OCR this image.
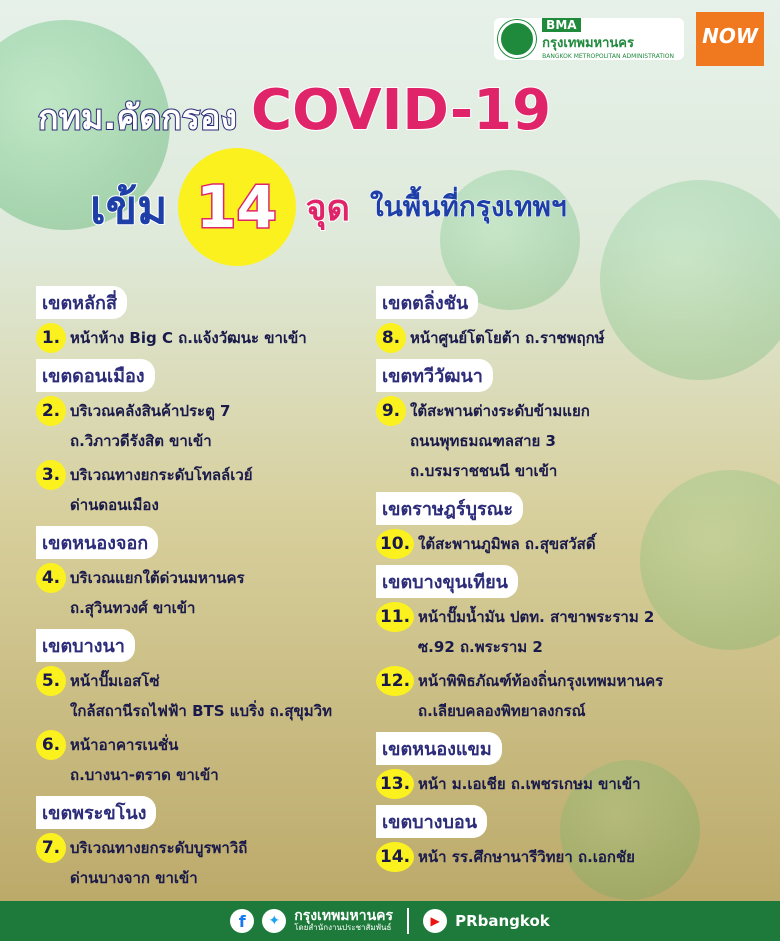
BMA
กรุงเทพมหานคร
BANGKOK METROPOLITAN ADMINISTRATION
NOW

กทม.คัดกรอง COVID-19
เข้ม 14 จุด ในพื้นที่กรุงเทพฯ
เขตหลักสี่
1. หน้าห้าง Big C ถ.แจ้งวัฒนะ ขาเข้า
เขตดอนเมือง
2. บริเวณคลังสินค้าประตู 7
ถ.วิภาวดีรังสิต ขาเข้า
3. บริเวณทางยกระดับโทลล์เวย์
ด่านดอนเมือง
เขตหนองจอก
4. บริเวณแยกใต้ด่วนมหานคร
ถ.สุวินทวงศ์ ขาเข้า
เขตบางนา
5. หน้าปั๊มเอสโซ่
ใกล้สถานีรถไฟฟ้า BTS แบริ่ง ถ.สุขุมวิท
6. หน้าอาคารเนชั่น
ถ.บางนา-ตราด ขาเข้า
เขตพระขโนง
7. บริเวณทางยกระดับบูรพาวิถี
ด่านบางจาก ขาเข้า
เขตตลิ่งชัน
8. หน้าศูนย์โตโยต้า ถ.ราชพฤกษ์
เขตทวีวัฒนา
9. ใต้สะพานต่างระดับข้ามแยก
ถนนพุทธมณฑลสาย 3
ถ.บรมราชชนนี ขาเข้า
เขตราษฎร์บูรณะ
10. ใต้สะพานภูมิพล ถ.สุขสวัสดิ์
เขตบางขุนเทียน
11. หน้าปั๊มน้ำมัน ปตท. สาขาพระราม 2
ซ.92 ถ.พระราม 2
12. หน้าพิพิธภัณฑ์ท้องถิ่นกรุงเทพมหานคร
ถ.เลียบคลองพิทยาลงกรณ์
เขตหนองแขม
13. หน้า ม.เอเชีย ถ.เพชรเกษม ขาเข้า
เขตบางบอน
14. หน้า รร.ศึกษานารีวิทยา ถ.เอกชัย
f	✦	กรุงเทพมหานคร
โดยสำนักงานประชาสัมพันธ์	▶	PRbangkok
